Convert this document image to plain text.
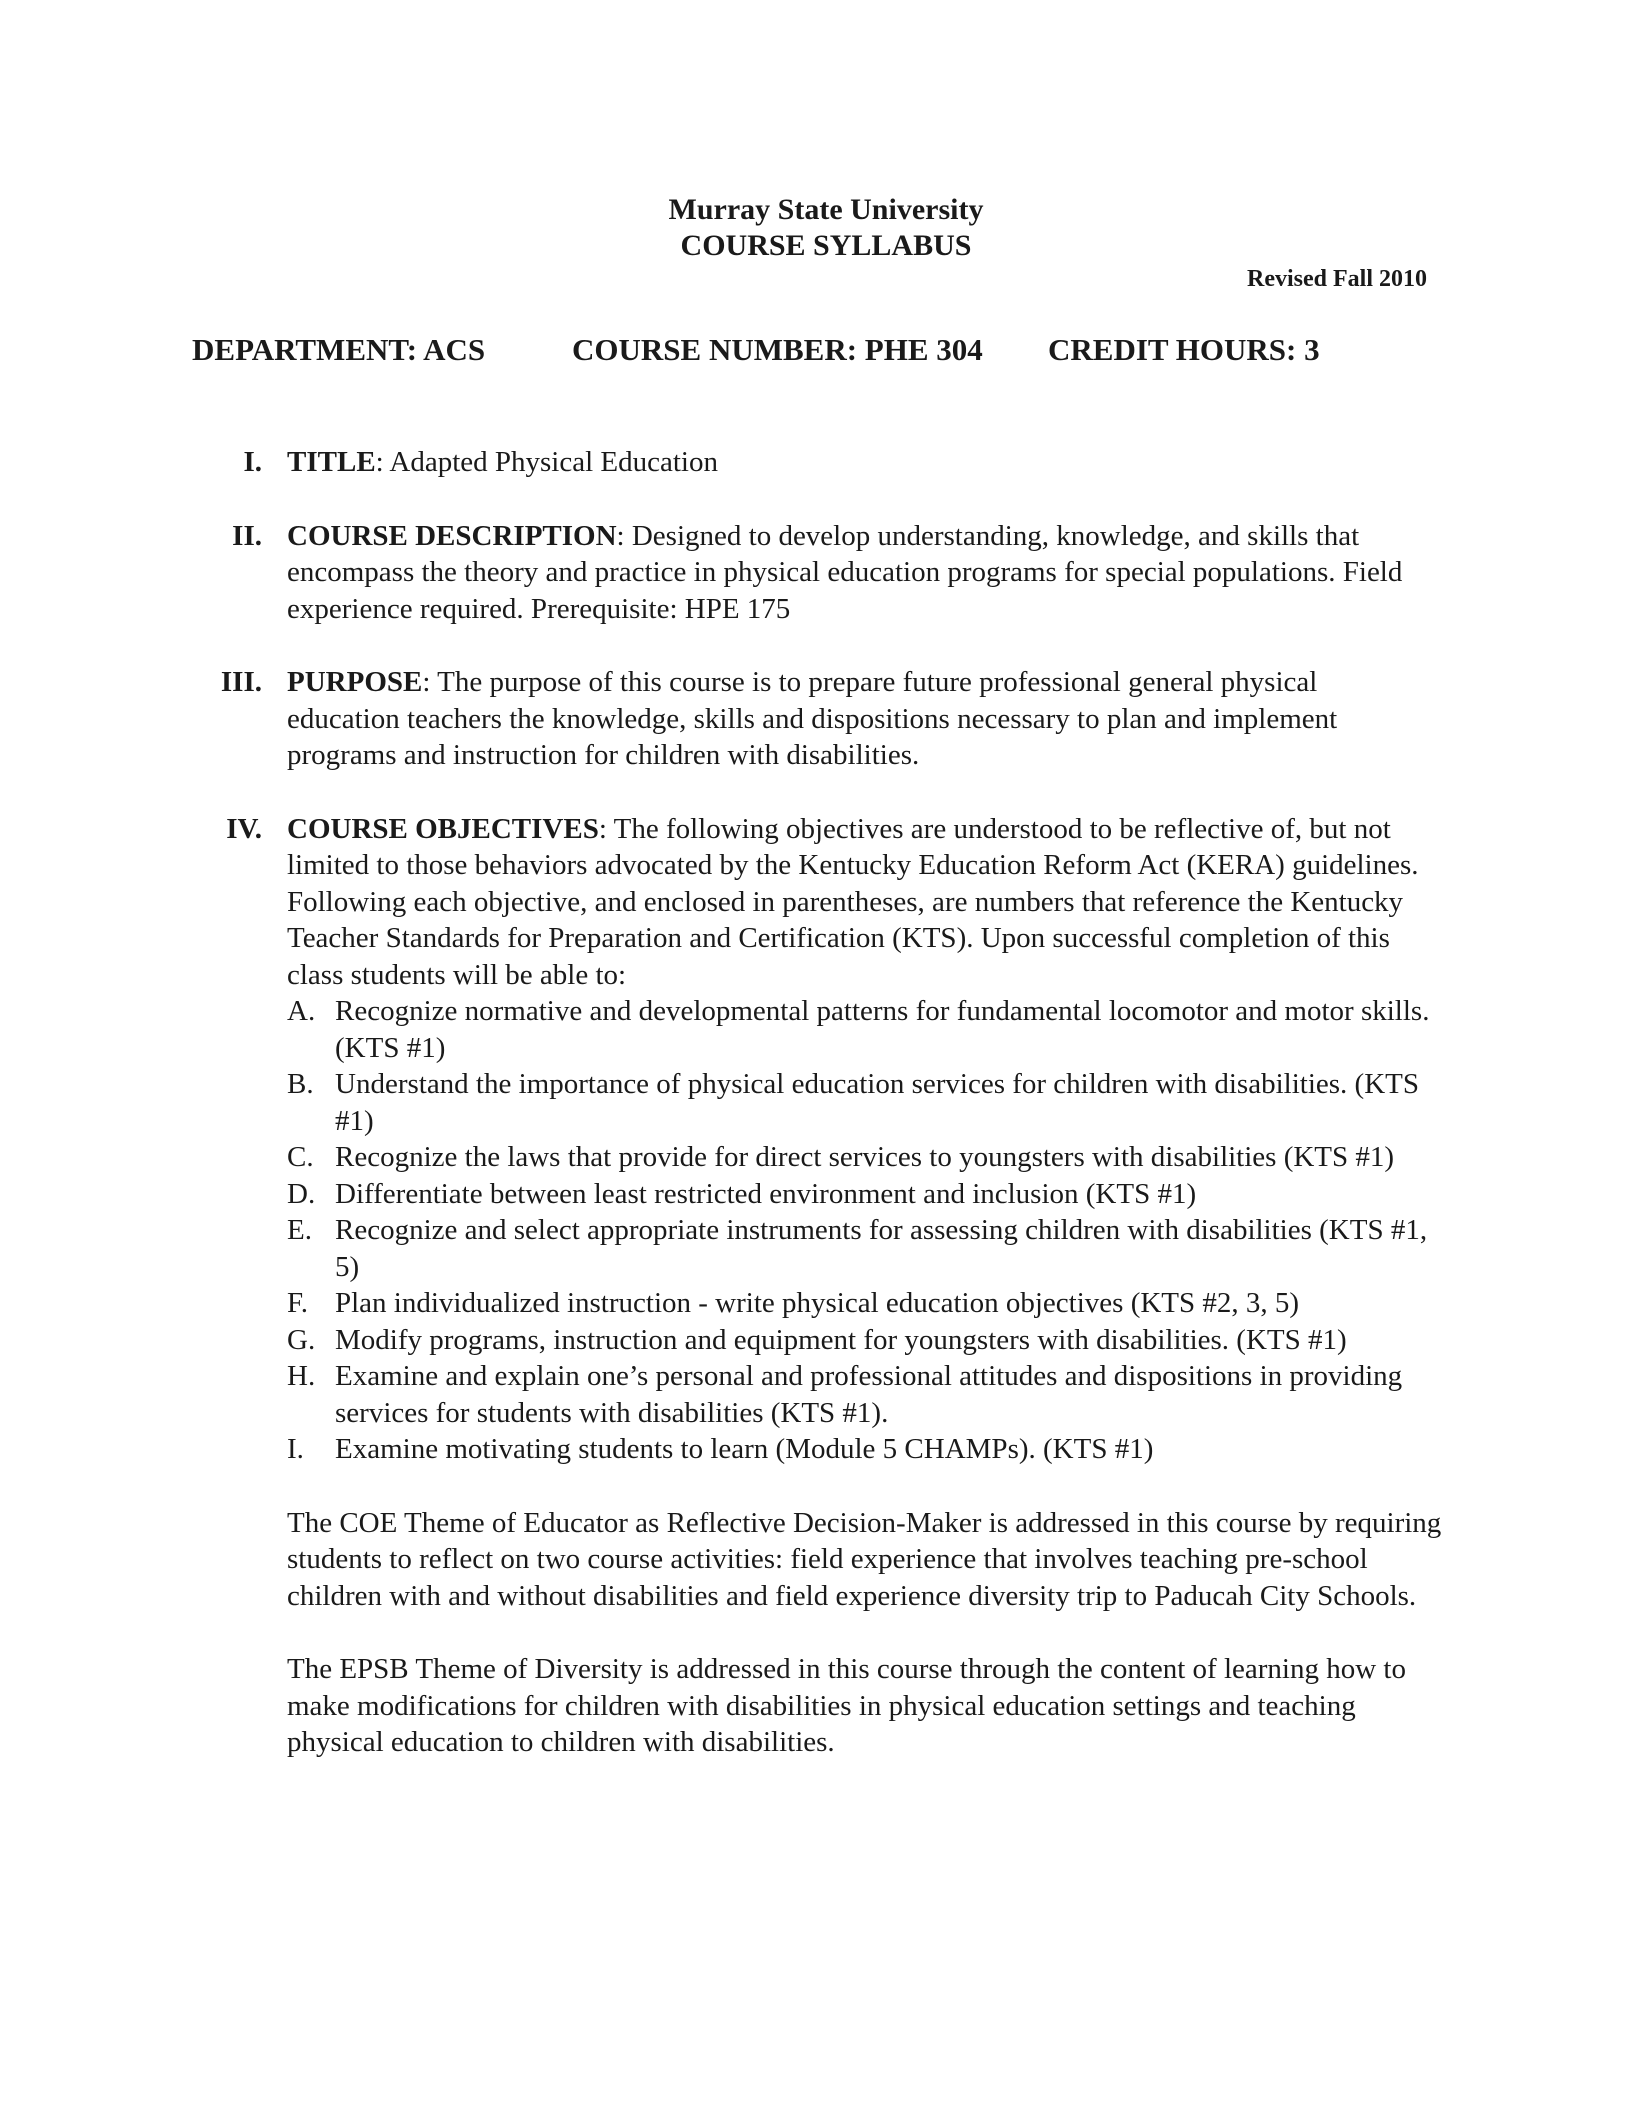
Murray State University
COURSE SYLLABUS
Revised Fall 2010
DEPARTMENT: ACS	COURSE NUMBER: PHE 304 CREDIT HOURS: 3
I. TITLE: Adapted Physical Education
II. COURSE DESCRIPTION: Designed to develop understanding, knowledge, and skills that encompass the theory and practice in physical education programs for special populations. Field experience required. Prerequisite: HPE 175
III. PURPOSE: The purpose of this course is to prepare future professional general physical education teachers the knowledge, skills and dispositions necessary to plan and implement programs and instruction for children with disabilities.
IV. COURSE OBJECTIVES: The following objectives are understood to be reflective of, but not limited to those behaviors advocated by the Kentucky Education Reform Act (KERA) guidelines. Following each objective, and enclosed in parentheses, are numbers that reference the Kentucky Teacher Standards for Preparation and Certification (KTS). Upon successful completion of this class students will be able to:
A. Recognize normative and developmental patterns for fundamental locomotor and motor skills. (KTS #1)
B. Understand the importance of physical education services for children with disabilities. (KTS #1)
C. Recognize the laws that provide for direct services to youngsters with disabilities (KTS #1)
D. Differentiate between least restricted environment and inclusion (KTS #1)
E. Recognize and select appropriate instruments for assessing children with disabilities (KTS #1, 5)
F. Plan individualized instruction - write physical education objectives (KTS #2, 3, 5)
G. Modify programs, instruction and equipment for youngsters with disabilities. (KTS #1)
H. Examine and explain one’s personal and professional attitudes and dispositions in providing services for students with disabilities (KTS #1).
I. Examine motivating students to learn (Module 5 CHAMPs). (KTS #1)

The COE Theme of Educator as Reflective Decision-Maker is addressed in this course by requiring students to reflect on two course activities: field experience that involves teaching pre-school children with and without disabilities and field experience diversity trip to Paducah City Schools.

The EPSB Theme of Diversity is addressed in this course through the content of learning how to make modifications for children with disabilities in physical education settings and teaching physical education to children with disabilities.
